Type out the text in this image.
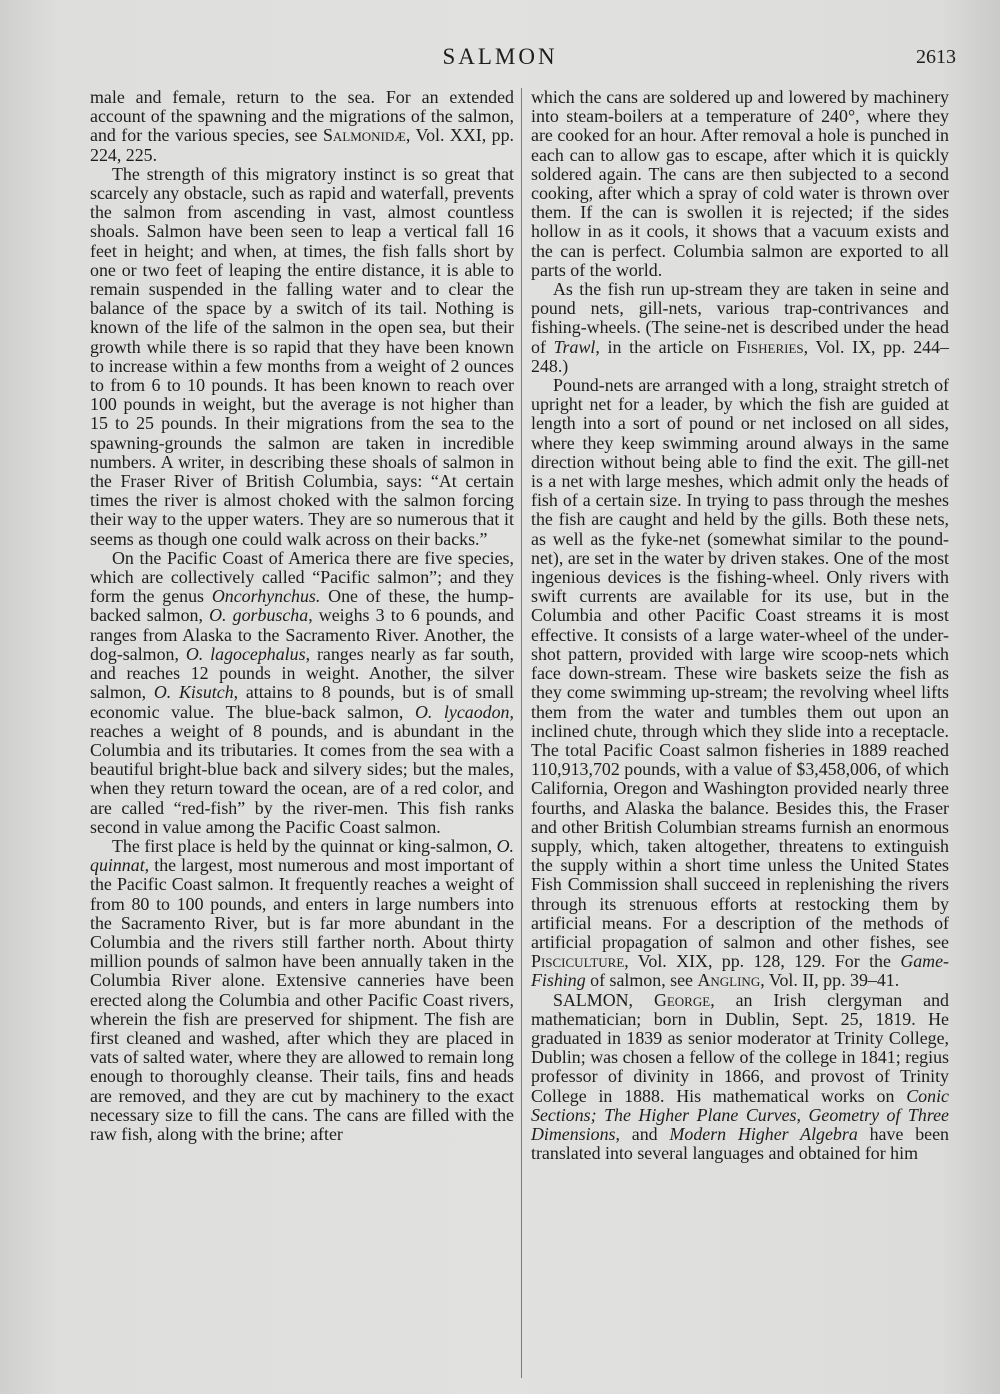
SALMON	2613

male and female, return to the sea. For an extended account of the spawning and the migrations of the salmon, and for the various species, see Salmonidæ, Vol. XXI, pp. 224, 225.

The strength of this migratory instinct is so great that scarcely any obstacle, such as rapid and waterfall, prevents the salmon from ascending in vast, almost countless shoals. Salmon have been seen to leap a vertical fall 16 feet in height; and when, at times, the fish falls short by one or two feet of leaping the entire distance, it is able to remain suspended in the falling water and to clear the balance of the space by a switch of its tail. Nothing is known of the life of the salmon in the open sea, but their growth while there is so rapid that they have been known to increase within a few months from a weight of 2 ounces to from 6 to 10 pounds. It has been known to reach over 100 pounds in weight, but the average is not higher than 15 to 25 pounds. In their migrations from the sea to the spawning-grounds the salmon are taken in incredible numbers. A writer, in describing these shoals of salmon in the Fraser River of British Columbia, says: “At certain times the river is almost choked with the salmon forcing their way to the upper waters. They are so numerous that it seems as though one could walk across on their backs.”

On the Pacific Coast of America there are five species, which are collectively called “Pacific salmon”; and they form the genus Oncorhynchus. One of these, the hump-backed salmon, O. gorbuscha, weighs 3 to 6 pounds, and ranges from Alaska to the Sacramento River. Another, the dog-salmon, O. lagocephalus, ranges nearly as far south, and reaches 12 pounds in weight. Another, the silver salmon, O. Kisutch, attains to 8 pounds, but is of small economic value. The blue-back salmon, O. lycaodon, reaches a weight of 8 pounds, and is abundant in the Columbia and its tributaries. It comes from the sea with a beautiful bright-blue back and silvery sides; but the males, when they return toward the ocean, are of a red color, and are called “red-fish” by the river-men. This fish ranks second in value among the Pacific Coast salmon.

The first place is held by the quinnat or king-salmon, O. quinnat, the largest, most numerous and most important of the Pacific Coast salmon. It frequently reaches a weight of from 80 to 100 pounds, and enters in large numbers into the Sacramento River, but is far more abundant in the Columbia and the rivers still farther north. About thirty million pounds of salmon have been annually taken in the Columbia River alone. Extensive canneries have been erected along the Columbia and other Pacific Coast rivers, wherein the fish are preserved for shipment. The fish are first cleaned and washed, after which they are placed in vats of salted water, where they are allowed to remain long enough to thoroughly cleanse. Their tails, fins and heads are removed, and they are cut by machinery to the exact necessary size to fill the cans. The cans are filled with the raw fish, along with the brine; after

which the cans are soldered up and lowered by machinery into steam-boilers at a temperature of 240°, where they are cooked for an hour. After removal a hole is punched in each can to allow gas to escape, after which it is quickly soldered again. The cans are then subjected to a second cooking, after which a spray of cold water is thrown over them. If the can is swollen it is rejected; if the sides hollow in as it cools, it shows that a vacuum exists and the can is perfect. Columbia salmon are exported to all parts of the world.

As the fish run up-stream they are taken in seine and pound nets, gill-nets, various trap-contrivances and fishing-wheels. (The seine-net is described under the head of Trawl, in the article on Fisheries, Vol. IX, pp. 244–248.)

Pound-nets are arranged with a long, straight stretch of upright net for a leader, by which the fish are guided at length into a sort of pound or net inclosed on all sides, where they keep swimming around always in the same direction without being able to find the exit. The gill-net is a net with large meshes, which admit only the heads of fish of a certain size. In trying to pass through the meshes the fish are caught and held by the gills. Both these nets, as well as the fyke-net (somewhat similar to the pound-net), are set in the water by driven stakes. One of the most ingenious devices is the fishing-wheel. Only rivers with swift currents are available for its use, but in the Columbia and other Pacific Coast streams it is most effective. It consists of a large water-wheel of the under-shot pattern, provided with large wire scoop-nets which face down-stream. These wire baskets seize the fish as they come swimming up-stream; the revolving wheel lifts them from the water and tumbles them out upon an inclined chute, through which they slide into a receptacle. The total Pacific Coast salmon fisheries in 1889 reached 110,913,702 pounds, with a value of $3,458,006, of which California, Oregon and Washington provided nearly three fourths, and Alaska the balance. Besides this, the Fraser and other British Columbian streams furnish an enormous supply, which, taken altogether, threatens to extinguish the supply within a short time unless the United States Fish Commission shall succeed in replenishing the rivers through its strenuous efforts at restocking them by artificial means. For a description of the methods of artificial propagation of salmon and other fishes, see Pisciculture, Vol. XIX, pp. 128, 129. For the Game-Fishing of salmon, see Angling, Vol. II, pp. 39–41.

SALMON, George, an Irish clergyman and mathematician; born in Dublin, Sept. 25, 1819. He graduated in 1839 as senior moderator at Trinity College, Dublin; was chosen a fellow of the college in 1841; regius professor of divinity in 1866, and provost of Trinity College in 1888. His mathematical works on Conic Sections; The Higher Plane Curves, Geometry of Three Dimensions, and Modern Higher Algebra have been translated into several languages and obtained for him
